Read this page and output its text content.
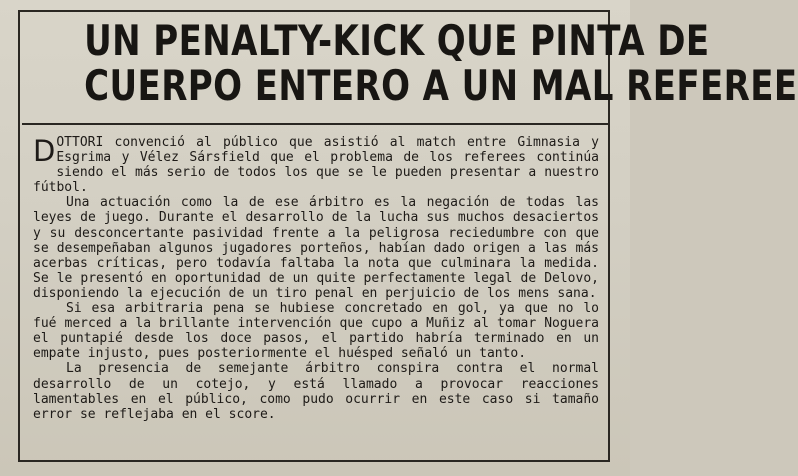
UN PENALTY-KICK QUE PINTA DE
CUERPO ENTERO A UN MAL REFEREE

DOTTORI convenció al público que asistió al match entre Gimnasia y Esgrima y Vélez Sársfield que el problema de los referees continúa siendo el más serio de todos los que se le pueden presentar a nuestro fútbol.

Una actuación como la de ese árbitro es la negación de todas las leyes de juego. Durante el desarrollo de la lucha sus muchos desaciertos y su desconcertante pasividad frente a la peligrosa reciedumbre con que se desempeñaban algunos jugadores porteños, habían dado origen a las más acerbas críticas, pero todavía faltaba la nota que culminara la medida. Se le presentó en oportunidad de un quite perfectamente legal de Delovo, disponiendo la ejecución de un tiro penal en perjuicio de los mens sana.

Si esa arbitraria pena se hubiese concretado en gol, ya que no lo fué merced a la brillante intervención que cupo a Muñiz al tomar Noguera el puntapié desde los doce pasos, el partido habría terminado en un empate injusto, pues posteriormente el huésped señaló un tanto.

La presencia de semejante árbitro conspira contra el normal desarrollo de un cotejo, y está llamado a provocar reacciones lamentables en el público, como pudo ocurrir en este caso si tamaño error se reflejaba en el score.
